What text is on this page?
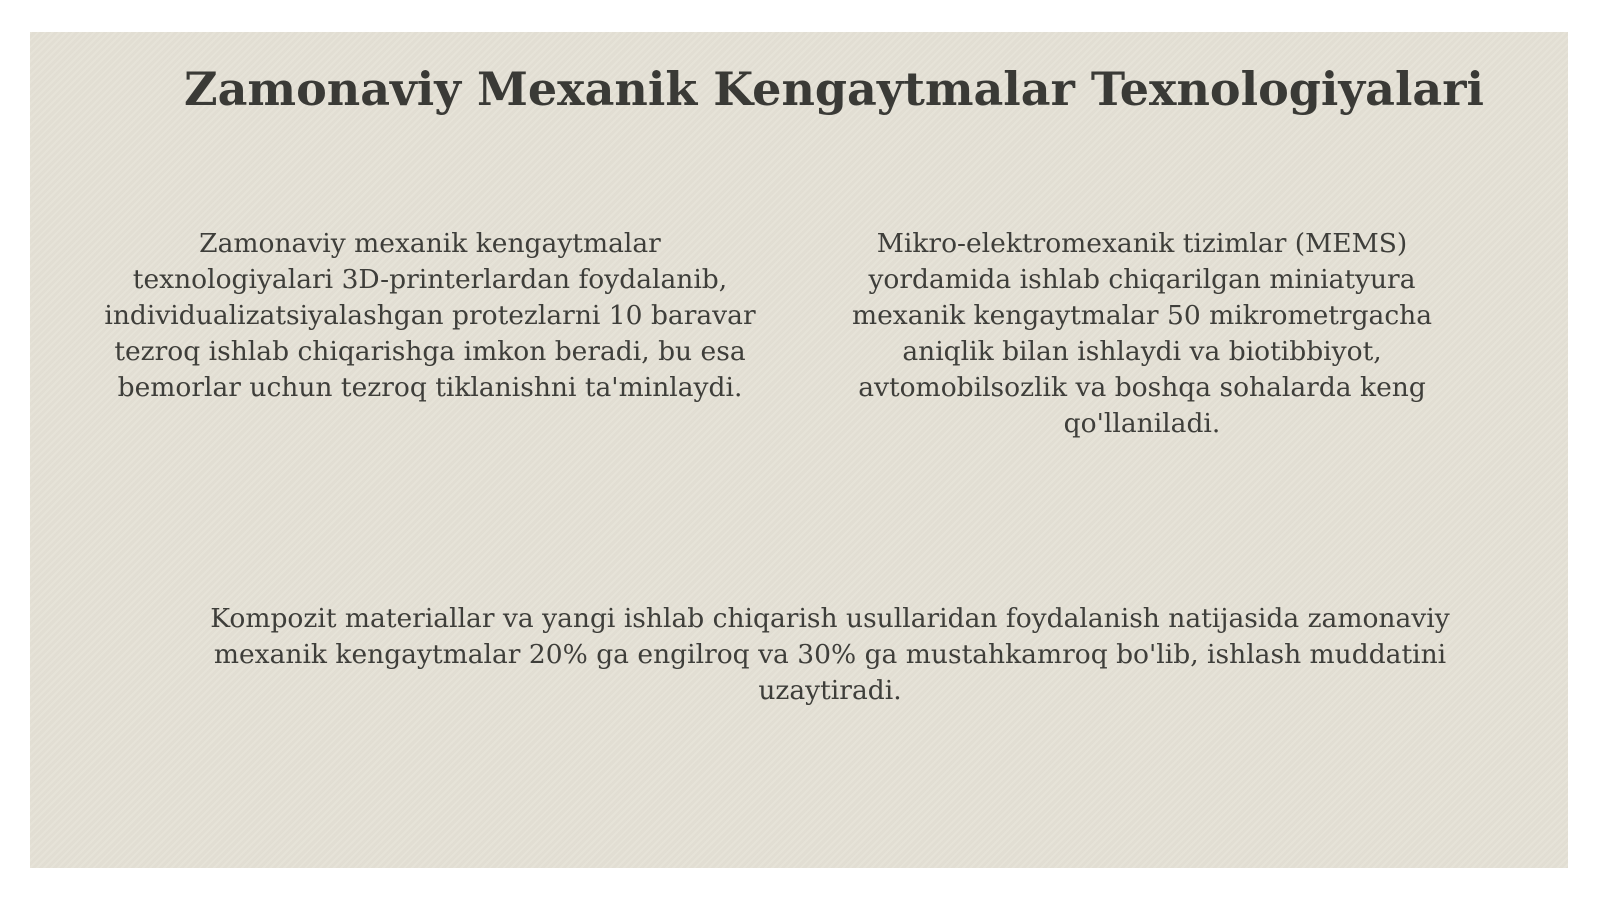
Zamonaviy Mexanik Kengaytmalar Texnologiyalari

Zamonaviy mexanik kengaytmalar texnologiyalari 3D-printerlardan foydalanib, individualizatsiyalashgan protezlarni 10 baravar tezroq ishlab chiqarishga imkon beradi, bu esa bemorlar uchun tezroq tiklanishni ta'minlaydi.

Mikro-elektromexanik tizimlar (MEMS) yordamida ishlab chiqarilgan miniatyura mexanik kengaytmalar 50 mikrometrgacha aniqlik bilan ishlaydi va biotibbiyot, avtomobilsozlik va boshqa sohalarda keng qo'llaniladi.

Kompozit materiallar va yangi ishlab chiqarish usullaridan foydalanish natijasida zamonaviy mexanik kengaytmalar 20% ga engilroq va 30% ga mustahkamroq bo'lib, ishlash muddatini uzaytiradi.
